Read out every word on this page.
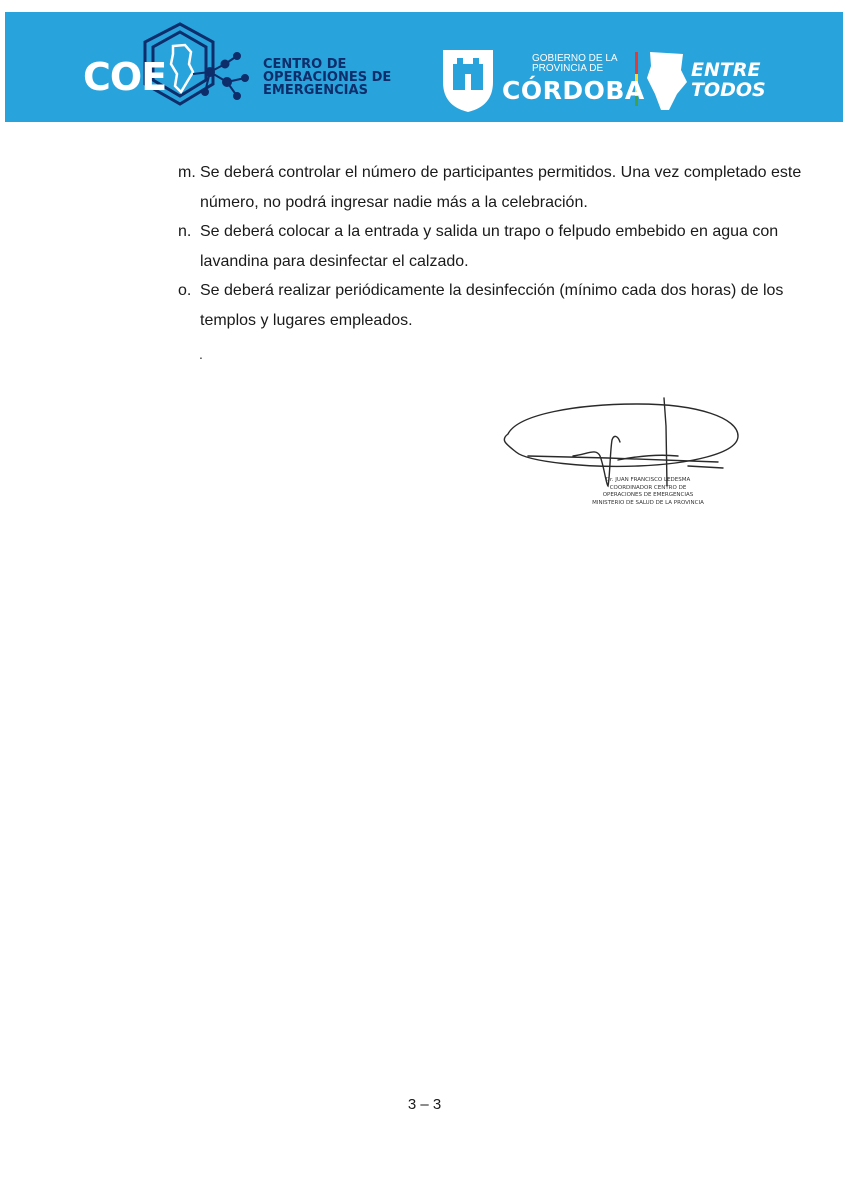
COE	CENTRO DE
OPERACIONES DE
EMERGENCIAS
GOBIERNO DE LA
PROVINCIA DE
CÓRDOBA
ENTRE
TODOS
m. Se deberá controlar el número de participantes permitidos. Una vez completado este número, no podrá ingresar nadie más a la celebración.
n. Se deberá colocar a la entrada y salida un trapo o felpudo embebido en agua con lavandina para desinfectar el calzado.
o. Se deberá realizar periódicamente la desinfección (mínimo cada dos horas) de los templos y lugares empleados.
.
Dr. JUAN FRANCISCO LEDESMA
COORDINADOR CENTRO DE
OPERACIONES DE EMERGENCIAS
MINISTERIO DE SALUD DE LA PROVINCIA
3 – 3
